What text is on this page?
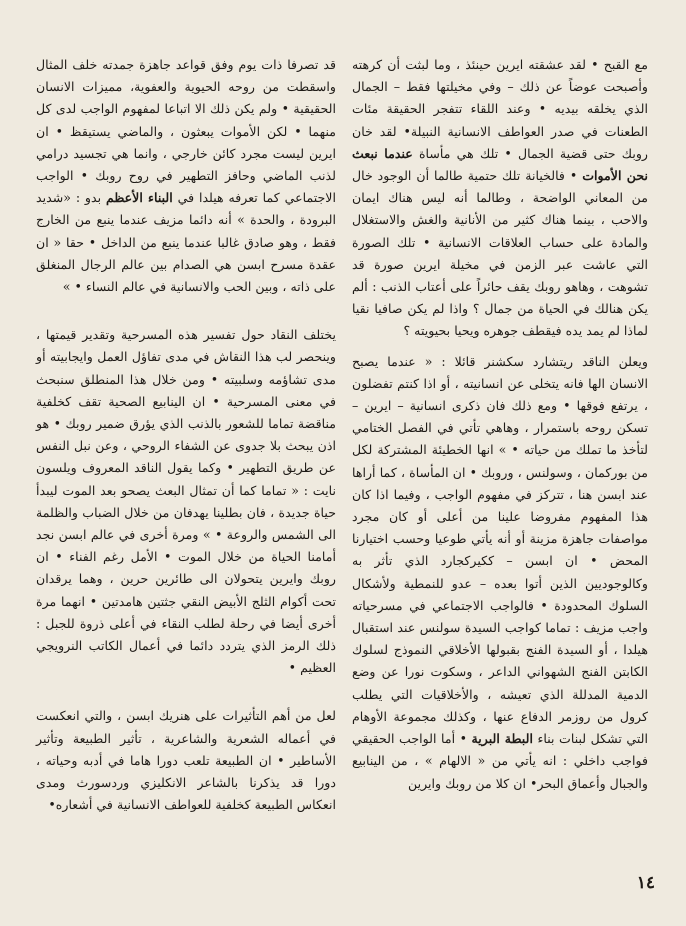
مع القبح • لقد عشقته ايرين حينئذ ، وما لبثت أن كرهته وأصبحت عوضاً عن ذلك – وفي مخيلتها فقط – الجمال الذي يخلقه بيديه • وعند اللقاء تتفجر الحقيقة مئات الطعنات في صدر العواطف الانسانية النبيلة• لقد خان روبك حتى قضية الجمال • تلك هي مأساة عندما نبعث نحن الأموات • فالخيانة تلك حتمية طالما أن الوجود خال من المعاني الواضحة ، وطالما أنه ليس هناك ايمان والاحب ، بينما هناك كثير من الأنانية والغش والاستغلال والمادة على حساب العلاقات الانسانية • تلك الصورة التي عاشت عبر الزمن في مخيلة ايرين صورة قد تشوهت ، وهاهو روبك يقف حائراً على أعتاب الذنب : ألم يكن هنالك في الحياة من جمال ؟ واذا لم يكن صافيا نقيا لماذا لم يمد يده فيقطف جوهره ويحيا بحيويته ؟

ويعلن الناقد ريتشارد سكشنر قائلا : « عندما يصبح الانسان الها فانه يتخلى عن انسانيته ، أو اذا كنتم تفضلون ، يرتفع فوقها • ومع ذلك فان ذكرى انسانية – ايرين – تسكن روحه باستمرار ، وهاهي تأتي في الفصل الختامي لتأخذ ما تملك من حياته • » انها الخطيئة المشتركة لكل من بوركمان ، وسولنس ، وروبك • ان المأساة ، كما أراها عند ابسن هنا ، تتركز في مفهوم الواجب ، وفيما اذا كان هذا المفهوم مفروضا علينا من أعلى أو كان مجرد مواصفات جاهزة مزينة أو أنه يأتي طوعيا وحسب اختيارنا المحض • ان ابسن – ككيركجارد الذي تأثر به وكالوجوديين الذين أتوا بعده – عدو للنمطية ولأشكال السلوك المحدودة • فالواجب الاجتماعي في مسرحياته واجب مزيف : تماما كواجب السيدة سولنس عند استقبال هيلدا ، أو السيدة الفنج بقبولها الأخلاقي النموذج لسلوك الكابتن الفنج الشهواني الداعر ، وسكوت نورا عن وضع الدمية المدللة الذي تعيشه ، والأخلاقيات التي يطلب كرول من روزمر الدفاع عنها ، وكذلك مجموعة الأوهام التي تشكل لبنات بناء البطة البرية • أما الواجب الحقيقي فواجب داخلي : انه يأتي من « الالهام » ، من الينابيع والجبال وأعماق البحر• ان كلا من روبك وايرين

قد تصرفا ذات يوم وفق قواعد جاهزة جمدته خلف المثال واسقطت من روحه الحيوية والعفوية، مميزات الانسان الحقيقية • ولم يكن ذلك الا اتباعا لمفهوم الواجب لدى كل منهما • لكن الأموات يبعثون ، والماضي يستيقظ • ان ايرين ليست مجرد كائن خارجي ، وانما هي تجسيد درامي لذنب الماضي وحافز التطهير في روح روبك • الواجب الاجتماعي كما تعرفه هيلدا في البناء الأعظم بدو : «شديد البرودة ، والحدة » أنه دائما مزيف عندما ينبع من الخارج فقط ، وهو صادق غالبا عندما ينبع من الداخل • حقا « ان عقدة مسرح ابسن هي الصدام بين عالم الرجال المنغلق على ذاته ، وبين الحب والانسانية في عالم النساء • »

يختلف النقاد حول تفسير هذه المسرحية وتقدير قيمتها ، وينحصر لب هذا النقاش في مدى تفاؤل العمل وايجابيته أو مدى تشاؤمه وسلبيته • ومن خلال هذا المنطلق سنبحث في معنى المسرحية • ان الينابيع الصحية تقف كخلفية مناقضة تماما للشعور بالذنب الذي يؤرق ضمير روبك • هو اذن يبحث بلا جدوى عن الشفاء الروحي ، وعن نبل النفس عن طريق التطهير • وكما يقول الناقد المعروف ويلسون نايت : « تماما كما أن تمثال البعث يصحو بعد الموت ليبدأ حياة جديدة ، فان بطلينا يهدفان من خلال الضباب والظلمة الى الشمس والروعة • » ومرة أخرى في عالم ابسن نجد أمامنا الحياة من خلال الموت • الأمل رغم الفناء • ان روبك وايرين يتحولان الى طائرين حرين ، وهما يرقدان تحت أكوام الثلج الأبيض النقي جثتين هامدتين • انهما مرة أخرى أيضا في رحلة لطلب النقاء في أعلى ذروة للجبل : ذلك الرمز الذي يتردد دائما في أعمال الكاتب النرويجي العظيم •

لعل من أهم التأثيرات على هنريك ابسن ، والتي انعكست في أعماله الشعرية والشاعرية ، تأثير الطبيعة وتأثير الأساطير • ان الطبيعة تلعب دورا هاما في أدبه وحياته ، دورا قد يذكرنا بالشاعر الانكليزي وردسورث ومدى انعكاس الطبيعة كخلفية للعواطف الانسانية في أشعاره•

١٤
